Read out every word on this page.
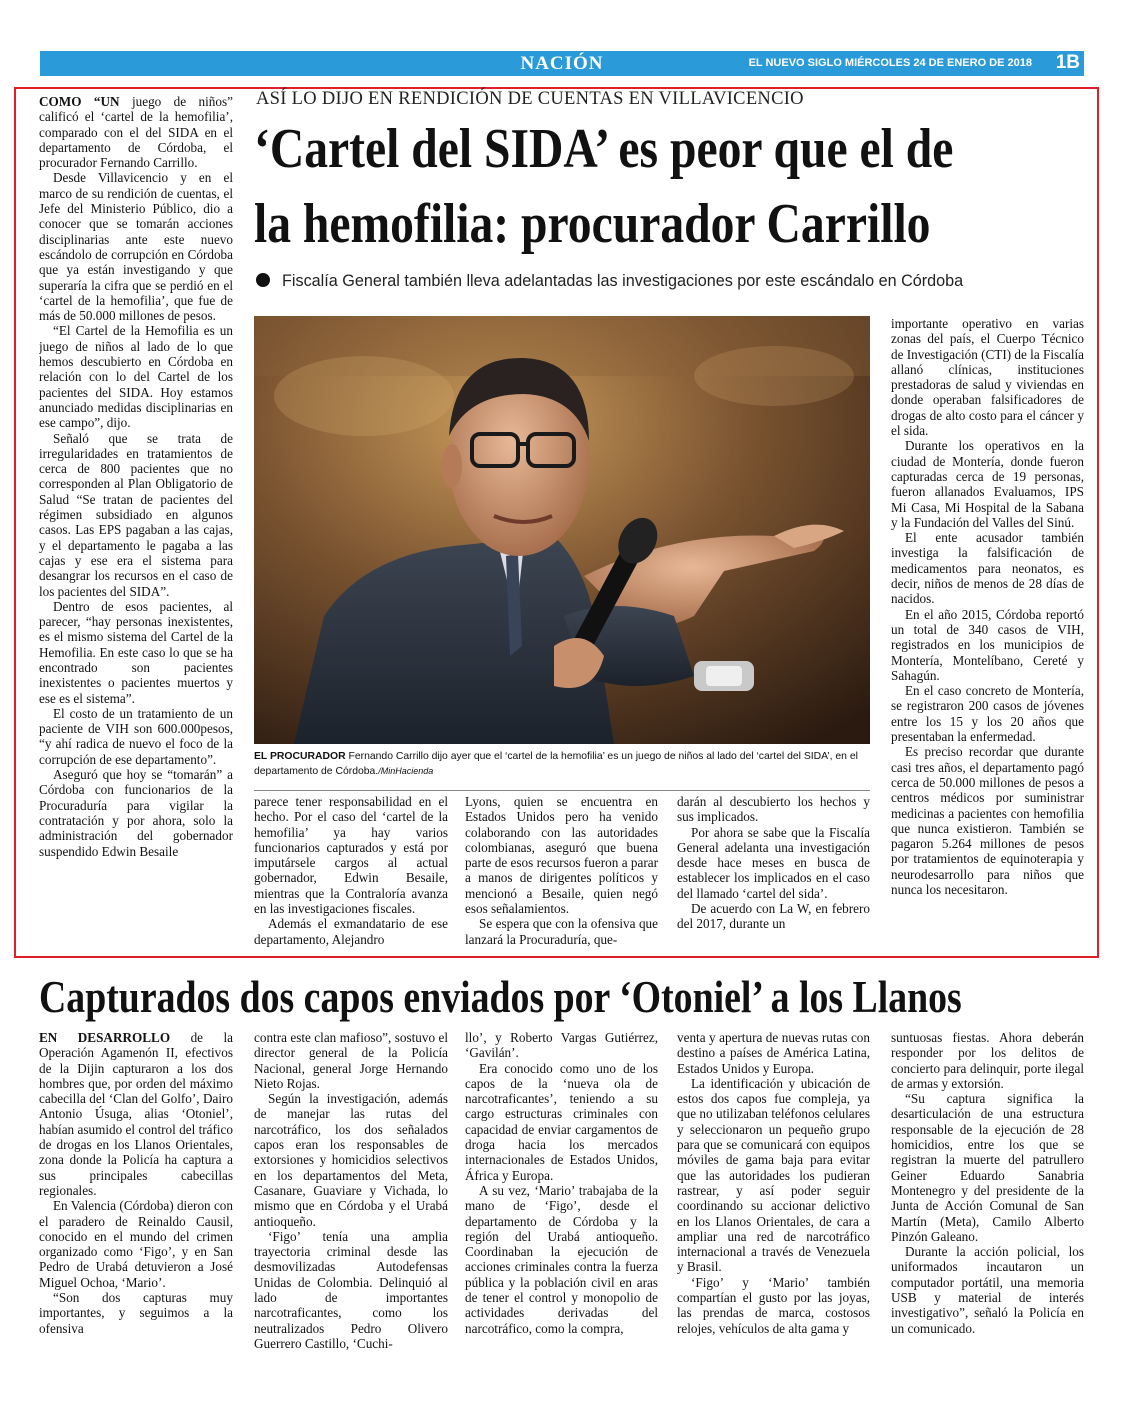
NACIÓN	EL NUEVO SIGLO MIÉRCOLES 24 DE ENERO DE 2018 1B
ASÍ LO DIJO EN RENDICIÓN DE CUENTAS EN VILLAVICENCIO
‘Cartel del SIDA’ es peor que el de
la hemofilia: procurador Carrillo
Fiscalía General también lleva adelantadas las investigaciones por este escándalo en Córdoba

COMO “UN juego de niños” calificó el ‘cartel de la hemofilia’, comparado con el del SIDA en el departamento de Córdoba, el procurador Fernando Carrillo.

Desde Villavicencio y en el marco de su rendición de cuentas, el Jefe del Ministerio Público, dio a conocer que se tomarán acciones disciplinarias ante este nuevo escándolo de corrupción en Córdoba que ya están investigando y que superaría la cifra que se perdió en el ‘cartel de la hemofilia’, que fue de más de 50.000 millones de pesos.

“El Cartel de la Hemofilia es un juego de niños al lado de lo que hemos descubierto en Córdoba en relación con lo del Cartel de los pacientes del SIDA. Hoy estamos anunciado medidas disciplinarias en ese campo”, dijo.

Señaló que se trata de irregularidades en tratamientos de cerca de 800 pacientes que no corresponden al Plan Obligatorio de Salud “Se tratan de pacientes del régimen subsidiado en algunos casos. Las EPS pagaban a las cajas, y el departamento le pagaba a las cajas y ese era el sistema para desangrar los recursos en el caso de los pacientes del SIDA”.

Dentro de esos pacientes, al parecer, “hay personas inexistentes, es el mismo sistema del Cartel de la Hemofilia. En este caso lo que se ha encontrado son pacientes inexistentes o pacientes muertos y ese es el sistema”.

El costo de un tratamiento de un paciente de VIH son 600.000pesos, “y ahí radica de nuevo el foco de la corrupción de ese departamento”.

Aseguró que hoy se “tomarán” a Córdoba con funcionarios de la Procuraduría para vigilar la contratación y por ahora, solo la administración del gobernador suspendido Edwin Besaile

EL PROCURADOR Fernando Carrillo dijo ayer que el ‘cartel de la hemofilia’ es un juego de niños al lado del ‘cartel del SIDA’, en el departamento de Córdoba./MinHacienda

parece tener responsabilidad en el hecho. Por el caso del ‘cartel de la hemofilia’ ya hay varios funcionarios capturados y está por imputársele cargos al actual gobernador, Edwin Besaile, mientras que la Contraloría avanza en las investigaciones fiscales.

Además el exmandatario de ese departamento, Alejandro

Lyons, quien se encuentra en Estados Unidos pero ha venido colaborando con las autoridades colombianas, aseguró que buena parte de esos recursos fueron a parar a manos de dirigentes políticos y mencionó a Besaile, quien negó esos señalamientos.

Se espera que con la ofensiva que lanzará la Procuraduría, que-

darán al descubierto los hechos y sus implicados.

Por ahora se sabe que la Fiscalía General adelanta una investigación desde hace meses en busca de establecer los implicados en el caso del llamado ‘cartel del sida’.

De acuerdo con La W, en febrero del 2017, durante un

importante operativo en varias zonas del país, el Cuerpo Técnico de Investigación (CTI) de la Fiscalía allanó clínicas, instituciones prestadoras de salud y viviendas en donde operaban falsificadores de drogas de alto costo para el cáncer y el sida.

Durante los operativos en la ciudad de Montería, donde fueron capturadas cerca de 19 personas, fueron allanados Evaluamos, IPS Mi Casa, Mi Hospital de la Sabana y la Fundación del Valles del Sinú.

El ente acusador también investiga la falsificación de medicamentos para neonatos, es decir, niños de menos de 28 días de nacidos.

En el año 2015, Córdoba reportó un total de 340 casos de VIH, registrados en los municipios de Montería, Montelíbano, Cereté y Sahagún.

En el caso concreto de Montería, se registraron 200 casos de jóvenes entre los 15 y los 20 años que presentaban la enfermedad.

Es preciso recordar que durante casi tres años, el departamento pagó cerca de 50.000 millones de pesos a centros médicos por suministrar medicinas a pacientes con hemofilia que nunca existieron. También se pagaron 5.264 millones de pesos por tratamientos de equinoterapia y neurodesarrollo para niños que nunca los necesitaron.

Capturados dos capos enviados por ‘Otoniel’ a los Llanos

EN DESARROLLO de la Operación Agamenón II, efectivos de la Dijin capturaron a los dos hombres que, por orden del máximo cabecilla del ‘Clan del Golfo’, Dairo Antonio Úsuga, alias ‘Otoniel’, habían asumido el control del tráfico de drogas en los Llanos Orientales, zona donde la Policía ha captura a sus principales cabecillas regionales.

En Valencia (Córdoba) dieron con el paradero de Reinaldo Causil, conocido en el mundo del crimen organizado como ‘Figo’, y en San Pedro de Urabá detuvieron a José Miguel Ochoa, ‘Mario’.

“Son dos capturas muy importantes, y seguimos a la ofensiva

contra este clan mafioso”, sostuvo el director general de la Policía Nacional, general Jorge Hernando Nieto Rojas.

Según la investigación, además de manejar las rutas del narcotráfico, los dos señalados capos eran los responsables de extorsiones y homicidios selectivos en los departamentos del Meta, Casanare, Guaviare y Vichada, lo mismo que en Córdoba y el Urabá antioqueño.

‘Figo’ tenía una amplia trayectoria criminal desde las desmovilizadas Autodefensas Unidas de Colombia. Delinquió al lado de importantes narcotraficantes, como los neutralizados Pedro Olivero Guerrero Castillo, ‘Cuchi-

llo’, y Roberto Vargas Gutiérrez, ‘Gavilán’.

Era conocido como uno de los capos de la ‘nueva ola de narcotraficantes’, teniendo a su cargo estructuras criminales con capacidad de enviar cargamentos de droga hacia los mercados internacionales de Estados Unidos, África y Europa.

A su vez, ‘Mario’ trabajaba de la mano de ‘Figo’, desde el departamento de Córdoba y la región del Urabá antioqueño. Coordinaban la ejecución de acciones criminales contra la fuerza pública y la población civil en aras de tener el control y monopolio de actividades derivadas del narcotráfico, como la compra,

venta y apertura de nuevas rutas con destino a países de América Latina, Estados Unidos y Europa.

La identificación y ubicación de estos dos capos fue compleja, ya que no utilizaban teléfonos celulares y seleccionaron un pequeño grupo para que se comunicará con equipos móviles de gama baja para evitar que las autoridades los pudieran rastrear, y así poder seguir coordinando su accionar delictivo en los Llanos Orientales, de cara a ampliar una red de narcotráfico internacional a través de Venezuela y Brasil.

‘Figo’ y ‘Mario’ también compartían el gusto por las joyas, las prendas de marca, costosos relojes, vehículos de alta gama y

suntuosas fiestas. Ahora deberán responder por los delitos de concierto para delinquir, porte ilegal de armas y extorsión.

“Su captura significa la desarticulación de una estructura responsable de la ejecución de 28 homicidios, entre los que se registran la muerte del patrullero Geiner Eduardo Sanabria Montenegro y del presidente de la Junta de Acción Comunal de San Martín (Meta), Camilo Alberto Pinzón Galeano.

Durante la acción policial, los uniformados incautaron un computador portátil, una memoria USB y material de interés investigativo”, señaló la Policía en un comunicado.
